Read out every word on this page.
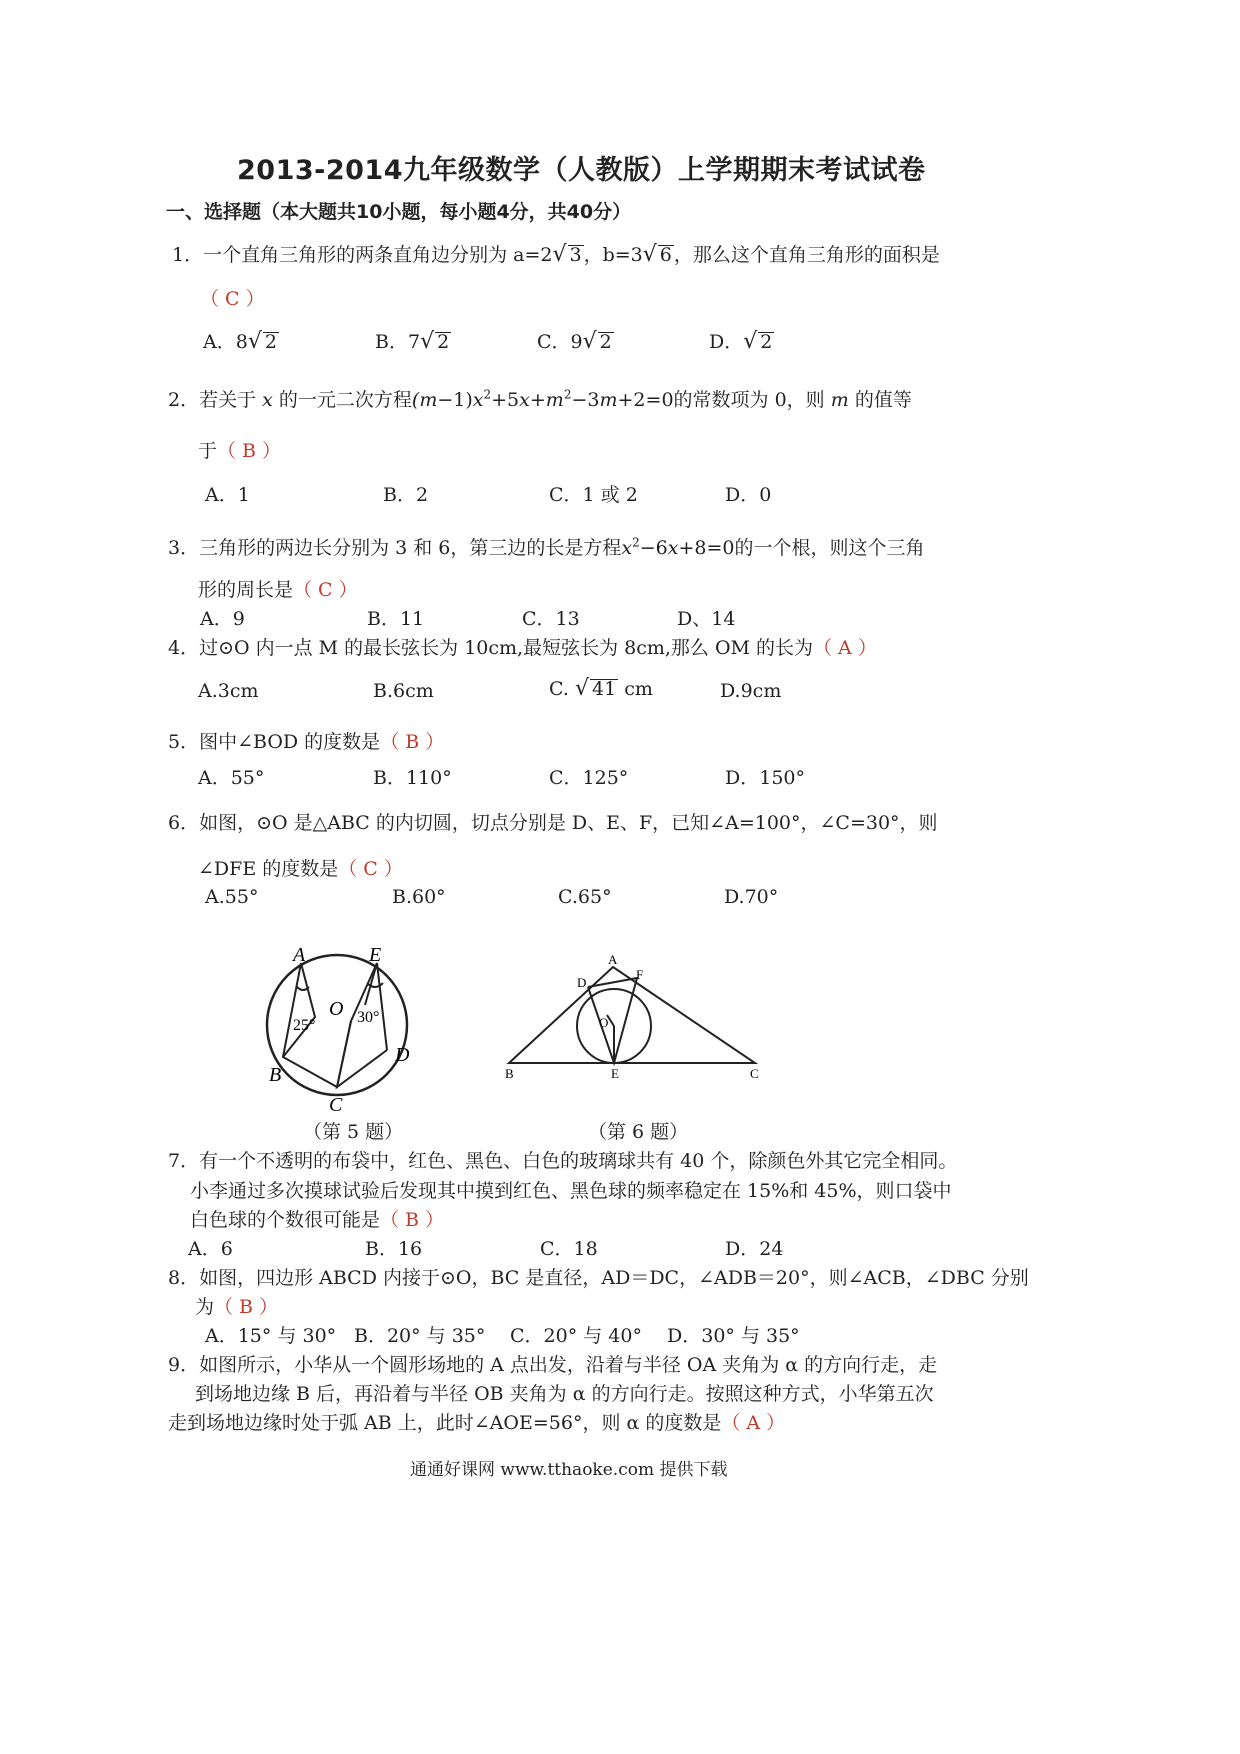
2013-2014九年级数学（人教版）上学期期末考试试卷
一、选择题（本大题共10小题，每小题4分，共40分）
1．一个直角三角形的两条直角边分别为 a=2√ 3 ，b=3√ 6 ，那么这个直角三角形的面积是
（ C ）
A．8√ 2	B．7√ 2	C．9√ 2	D．√ 2
2．若关于 x 的一元二次方程$(m-1)x^2+5x+m^2-3m+2=0$的常数项为 0，则 m 的值等
于（ B ）
A．1	B．2	C．1 或 2	D．0
3．三角形的两边长分别为 3 和 6，第三边的长是方程$x^2-6x+8=0$的一个根，则这个三角
形的周长是（ C ）
A．9	B．11	C．13	D、14
4．过⊙O 内一点 M 的最长弦长为 10cm,最短弦长为 8cm,那么 OM 的长为（ A ）
A.3cm	B.6cm	C. √ 41 cm	D.9cm
5．图中∠BOD 的度数是（ B ）
A．55°	B．110°	C．125°	D．150°
6．如图，⊙O 是△ABC 的内切圆，切点分别是 D、E、F，已知∠A=100°，∠C=30°，则
∠DFE 的度数是（ C ）
A.55°	B.60°	C.65°	D.70°
A	E
O
B
C
D
25°	30°
（第 5 题）
A
D
F
O
B	E	C
（第 6 题）
7．有一个不透明的布袋中，红色、黑色、白色的玻璃球共有 40 个，除颜色外其它完全相同。
小李通过多次摸球试验后发现其中摸到红色、黑色球的频率稳定在 15%和 45%，则口袋中
白色球的个数很可能是（ B ）
A．6	B．16	C．18	D．24
8．如图，四边形 ABCD 内接于⊙O，BC 是直径，AD＝DC，∠ADB＝20°，则∠ACB，∠DBC 分别
为（ B ）
A．15° 与 30° B．20° 与 35° C．20° 与 40° D．30° 与 35°
9．如图所示，小华从一个圆形场地的 A 点出发，沿着与半径 OA 夹角为 α 的方向行走，走
到场地边缘 B 后，再沿着与半径 OB 夹角为 α 的方向行走。按照这种方式，小华第五次
走到场地边缘时处于弧 AB 上，此时∠AOE=56°，则 α 的度数是（ A ）
通通好课网 www.tthaoke.com 提供下载
